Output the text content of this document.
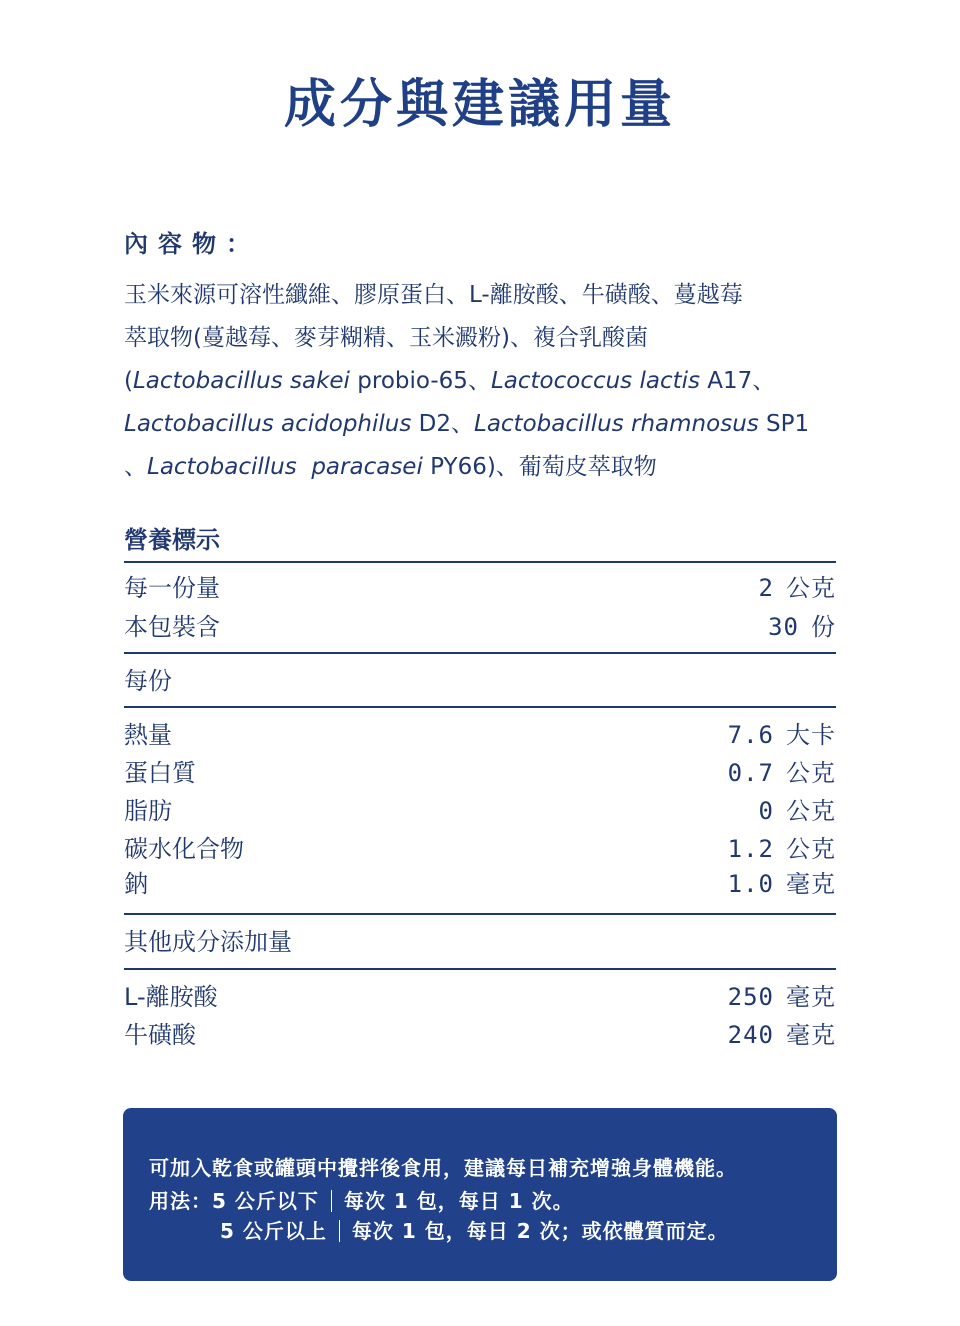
成分與建議用量
內容物：

玉米來源可溶性纖維、膠原蛋白、L-離胺酸、牛磺酸、蔓越莓

萃取物(蔓越莓、麥芽糊精、玉米澱粉)、複合乳酸菌

(Lactobacillus sakei probio-65、Lactococcus lactis A17、

Lactobacillus acidophilus D2、Lactobacillus rhamnosus SP1

、Lactobacillus  paracasei PY66)、葡萄皮萃取物

營養標示
每一份量	2 公克
本包裝含	30 份
每份
熱量	7.6 大卡
蛋白質	0.7 公克
脂肪	0 公克
碳水化合物	1.2 公克
鈉	1.0 毫克
其他成分添加量
L-離胺酸	250 毫克
牛磺酸	240 毫克
可加入乾食或罐頭中攪拌後食用，建議每日補充增強身體機能。
用法：5 公斤以下 每次 1 包，每日 1 次。
5 公斤以上 每次 1 包，每日 2 次；或依體質而定。
